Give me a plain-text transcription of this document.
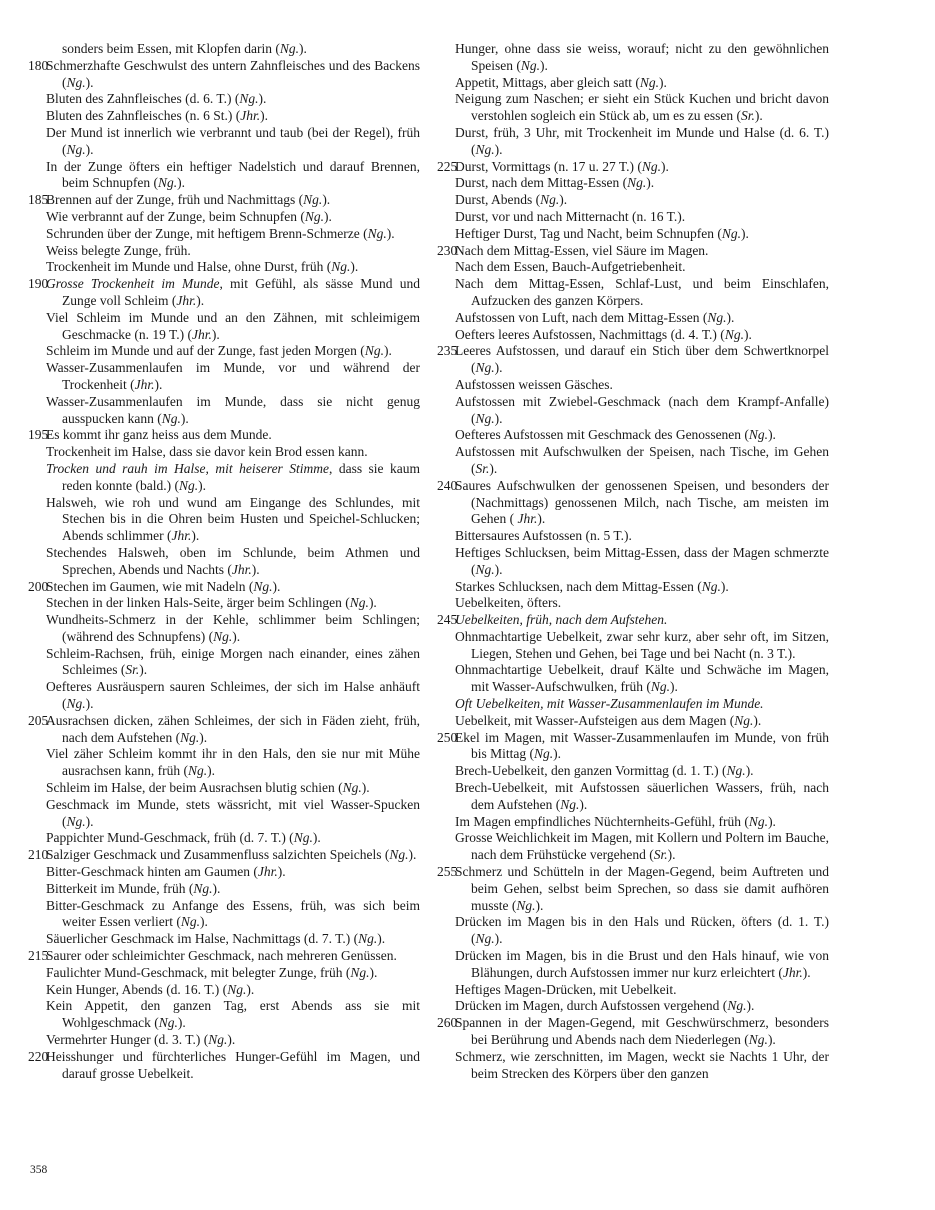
sonders beim Essen, mit Klopfen darin (Ng.).
180
Schmerzhafte Geschwulst des untern Zahnfleisches und des Backens (Ng.).
Bluten des Zahnfleisches (d. 6. T.) (Ng.).
Bluten des Zahnfleisches (n. 6 St.) (Jhr.).
Der Mund ist innerlich wie verbrannt und taub (bei der Regel), früh (Ng.).
In der Zunge öfters ein heftiger Nadelstich und darauf Brennen, beim Schnupfen (Ng.).
185
Brennen auf der Zunge, früh und Nachmittags (Ng.).
Wie verbrannt auf der Zunge, beim Schnupfen (Ng.).
Schrunden über der Zunge, mit heftigem Brenn-Schmerze (Ng.).
Weiss belegte Zunge, früh.
Trockenheit im Munde und Halse, ohne Durst, früh (Ng.).
190
Grosse Trockenheit im Munde, mit Gefühl, als sässe Mund und Zunge voll Schleim (Jhr.).
Viel Schleim im Munde und an den Zähnen, mit schleimigem Geschmacke (n. 19 T.) (Jhr.).
Schleim im Munde und auf der Zunge, fast jeden Morgen (Ng.).
Wasser-Zusammenlaufen im Munde, vor und während der Trockenheit (Jhr.).
Wasser-Zusammenlaufen im Munde, dass sie nicht genug ausspucken kann (Ng.).
195
Es kommt ihr ganz heiss aus dem Munde.
Trockenheit im Halse, dass sie davor kein Brod essen kann.
Trocken und rauh im Halse, mit heiserer Stimme, dass sie kaum reden konnte (bald.) (Ng.).
Halsweh, wie roh und wund am Eingange des Schlundes, mit Stechen bis in die Ohren beim Husten und Speichel-Schlucken; Abends schlimmer (Jhr.).
Stechendes Halsweh, oben im Schlunde, beim Athmen und Sprechen, Abends und Nachts (Jhr.).
200
Stechen im Gaumen, wie mit Nadeln (Ng.).
Stechen in der linken Hals-Seite, ärger beim Schlingen (Ng.).
Wundheits-Schmerz in der Kehle, schlimmer beim Schlingen; (während des Schnupfens) (Ng.).
Schleim-Rachsen, früh, einige Morgen nach einander, eines zähen Schleimes (Sr.).
Oefteres Ausräuspern sauren Schleimes, der sich im Halse anhäuft (Ng.).
205
Ausrachsen dicken, zähen Schleimes, der sich in Fäden zieht, früh, nach dem Aufstehen (Ng.).
Viel zäher Schleim kommt ihr in den Hals, den sie nur mit Mühe ausrachsen kann, früh (Ng.).
Schleim im Halse, der beim Ausrachsen blutig schien (Ng.).
Geschmack im Munde, stets wässricht, mit viel Wasser-Spucken (Ng.).
Pappichter Mund-Geschmack, früh (d. 7. T.) (Ng.).
210
Salziger Geschmack und Zusammenfluss salzichten Speichels (Ng.).
Bitter-Geschmack hinten am Gaumen (Jhr.).
Bitterkeit im Munde, früh (Ng.).
Bitter-Geschmack zu Anfange des Essens, früh, was sich beim weiter Essen verliert (Ng.).
Säuerlicher Geschmack im Halse, Nachmittags (d. 7. T.) (Ng.).
215
Saurer oder schleimichter Geschmack, nach mehreren Genüssen.
Faulichter Mund-Geschmack, mit belegter Zunge, früh (Ng.).
Kein Hunger, Abends (d. 16. T.) (Ng.).
Kein Appetit, den ganzen Tag, erst Abends ass sie mit Wohlgeschmack (Ng.).
Vermehrter Hunger (d. 3. T.) (Ng.).
220
Heisshunger und fürchterliches Hunger-Gefühl im Magen, und darauf grosse Uebelkeit.
Hunger, ohne dass sie weiss, worauf; nicht zu den gewöhnlichen Speisen (Ng.).
Appetit, Mittags, aber gleich satt (Ng.).
Neigung zum Naschen; er sieht ein Stück Kuchen und bricht davon verstohlen sogleich ein Stück ab, um es zu essen (Sr.).
Durst, früh, 3 Uhr, mit Trockenheit im Munde und Halse (d. 6. T.) (Ng.).
225
Durst, Vormittags (n. 17 u. 27 T.) (Ng.).
Durst, nach dem Mittag-Essen (Ng.).
Durst, Abends (Ng.).
Durst, vor und nach Mitternacht (n. 16 T.).
Heftiger Durst, Tag und Nacht, beim Schnupfen (Ng.).
230
Nach dem Mittag-Essen, viel Säure im Magen.
Nach dem Essen, Bauch-Aufgetriebenheit.
Nach dem Mittag-Essen, Schlaf-Lust, und beim Einschlafen, Aufzucken des ganzen Körpers.
Aufstossen von Luft, nach dem Mittag-Essen (Ng.).
Oefters leeres Aufstossen, Nachmittags (d. 4. T.) (Ng.).
235
Leeres Aufstossen, und darauf ein Stich über dem Schwertknorpel (Ng.).
Aufstossen weissen Gäsches.
Aufstossen mit Zwiebel-Geschmack (nach dem Krampf-Anfalle) (Ng.).
Oefteres Aufstossen mit Geschmack des Genossenen (Ng.).
Aufstossen mit Aufschwulken der Speisen, nach Tische, im Gehen (Sr.).
240
Saures Aufschwulken der genossenen Speisen, und besonders der (Nachmittags) genossenen Milch, nach Tische, am meisten im Gehen ( Jhr.).
Bittersaures Aufstossen (n. 5 T.).
Heftiges Schlucksen, beim Mittag-Essen, dass der Magen schmerzte (Ng.).
Starkes Schlucksen, nach dem Mittag-Essen (Ng.).
Uebelkeiten, öfters.
245
Uebelkeiten, früh, nach dem Aufstehen.
Ohnmachtartige Uebelkeit, zwar sehr kurz, aber sehr oft, im Sitzen, Liegen, Stehen und Gehen, bei Tage und bei Nacht (n. 3 T.).
Ohnmachtartige Uebelkeit, drauf Kälte und Schwäche im Magen, mit Wasser-Aufschwulken, früh (Ng.).
Oft Uebelkeiten, mit Wasser-Zusammenlaufen im Munde.
Uebelkeit, mit Wasser-Aufsteigen aus dem Magen (Ng.).
250
Ekel im Magen, mit Wasser-Zusammenlaufen im Munde, von früh bis Mittag (Ng.).
Brech-Uebelkeit, den ganzen Vormittag (d. 1. T.) (Ng.).
Brech-Uebelkeit, mit Aufstossen säuerlichen Wassers, früh, nach dem Aufstehen (Ng.).
Im Magen empfindliches Nüchternheits-Gefühl, früh (Ng.).
Grosse Weichlichkeit im Magen, mit Kollern und Poltern im Bauche, nach dem Frühstücke vergehend (Sr.).
255
Schmerz und Schütteln in der Magen-Gegend, beim Auftreten und beim Gehen, selbst beim Sprechen, so dass sie damit aufhören musste (Ng.).
Drücken im Magen bis in den Hals und Rücken, öfters (d. 1. T.) (Ng.).
Drücken im Magen, bis in die Brust und den Hals hinauf, wie von Blähungen, durch Aufstossen immer nur kurz erleichtert (Jhr.).
Heftiges Magen-Drücken, mit Uebelkeit.
Drücken im Magen, durch Aufstossen vergehend (Ng.).
260
Spannen in der Magen-Gegend, mit Geschwürschmerz, besonders bei Berührung und Abends nach dem Niederlegen (Ng.).
Schmerz, wie zerschnitten, im Magen, weckt sie Nachts 1 Uhr, der beim Strecken des Körpers über den ganzen
358
